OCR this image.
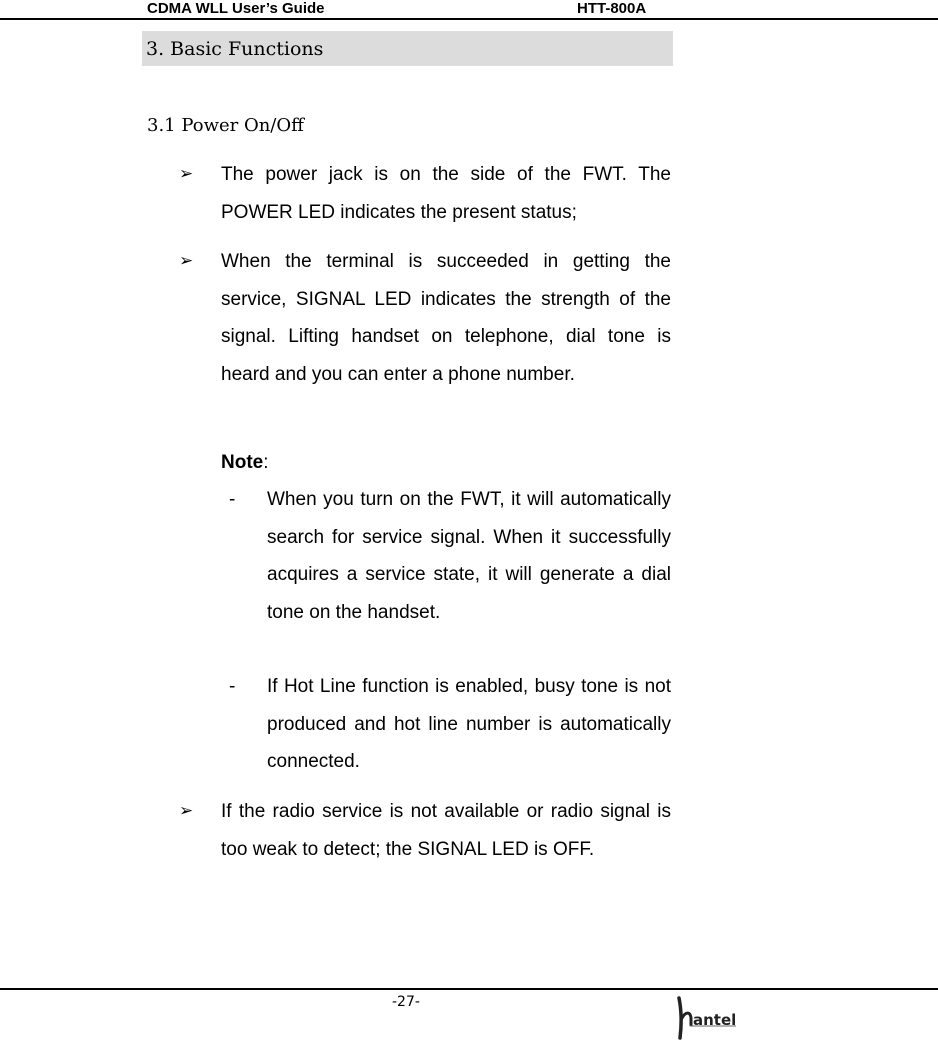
CDMA WLL User’s Guide	HTT-800A
3. Basic Functions
3.1 Power On/Off
➢ The power jack is on the side of the FWT. The POWER LED indicates the present status;
➢ When the terminal is succeeded in getting the service, SIGNAL LED indicates the strength of the signal. Lifting handset on telephone, dial tone is heard and you can enter a phone number.
Note:
- When you turn on the FWT, it will automatically search for service signal. When it successfully acquires a service state, it will generate a dial tone on the handset.
- If Hot Line function is enabled, busy tone is not produced and hot line number is automatically connected.
➢ If the radio service is not available or radio signal is too weak to detect; the SIGNAL LED is OFF.
-27-
antel
